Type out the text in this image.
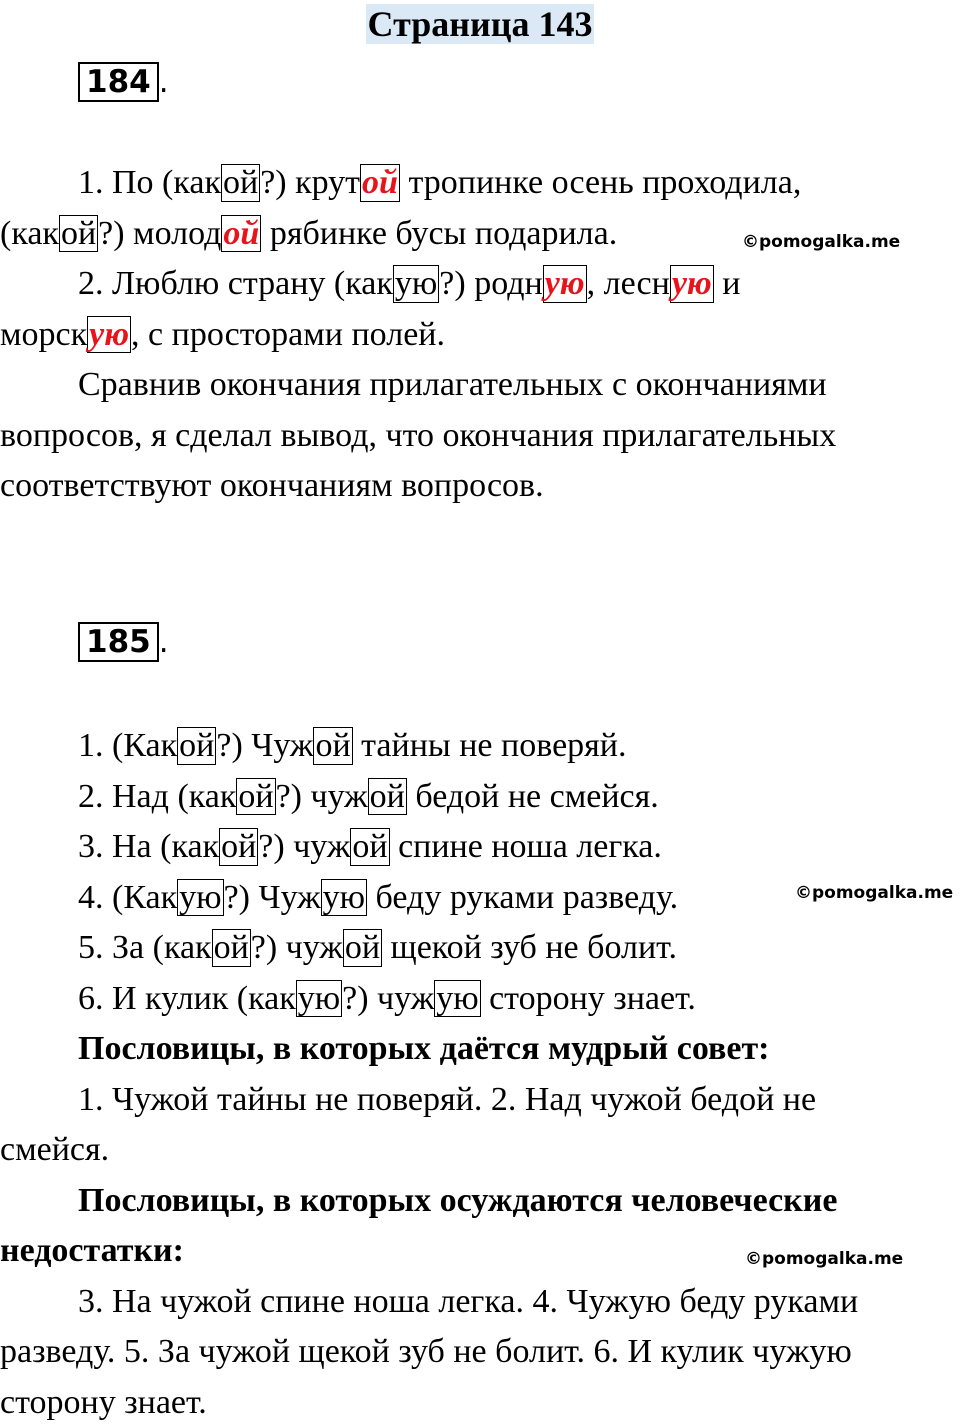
Страница 143
184 .

1. По (какой?) крутой тропинке осень проходила,

(какой?) молодой рябинке бусы подарила.

2. Люблю страну (какую?) родную, лесную и

морскую, с просторами полей.

Сравнив окончания прилагательных с окончаниями

вопросов, я сделал вывод, что окончания прилагательных

соответствуют окончаниям вопросов.

©pomogalka.me
185 .

1. (Какой?) Чужой тайны не поверяй.

2. Над (какой?) чужой бедой не смейся.

3. На (какой?) чужой спине ноша легка.

4. (Какую?) Чужую беду руками разведу.

5. За (какой?) чужой щекой зуб не болит.

6. И кулик (какую?) чужую сторону знает.

Пословицы, в которых даётся мудрый совет:

1. Чужой тайны не поверяй. 2. Над чужой бедой не

смейся.

Пословицы, в которых осуждаются человеческие

недостатки:

3. На чужой спине ноша легка. 4. Чужую беду руками

разведу. 5. За чужой щекой зуб не болит. 6. И кулик чужую

сторону знает.

©pomogalka.me
©pomogalka.me
